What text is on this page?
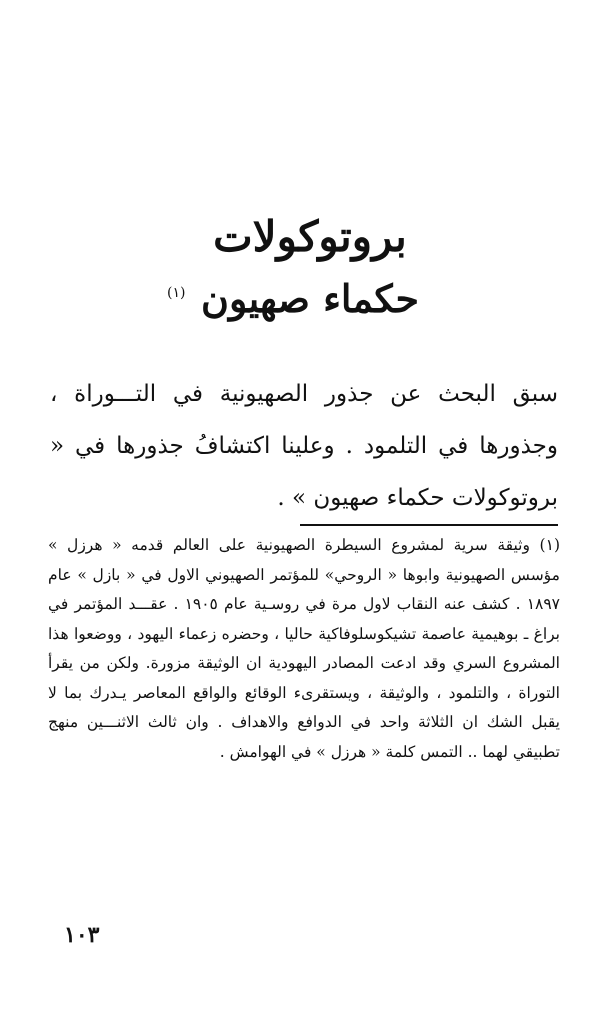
بروتوكولات
حكماء صهيون
(١)

سبق البحث عن جذور الصهيونية في التـــوراة ، وجذورها في التلمود . وعلينا اكتشافُ جذورها في « بروتوكولات حكماء صهيون » .

(١) وثيقة سرية لمشروع السيطرة الصهيونية على العالم قدمه « هرزل » مؤسس الصهيونية وابوها « الروحي» للمؤتمر الصهيوني الاول في « بازل » عام ١٨٩٧ . كشف عنه النقاب لاول مرة في روسـية عام ١٩٠٥ . عقـــد المؤتمر في براغ ـ بوهيمية عاصمة تشيكوسلوفاكية حاليا ، وحضره زعماء اليهود ، ووضعوا هذا المشروع السري وقد ادعت المصادر اليهودية ان الوثيقة مزورة. ولكن من يقرأ التوراة ، والتلمود ، والوثيقة ، ويستقرىء الوقائع والواقع المعاصر يـدرك بما لا يقبل الشك ان الثلاثة واحد في الدوافع والاهداف . وان ثالث الاثنـــين منهج تطبيقي لهما .. التمس كلمة « هرزل » في الهوامش .

١٠٣
